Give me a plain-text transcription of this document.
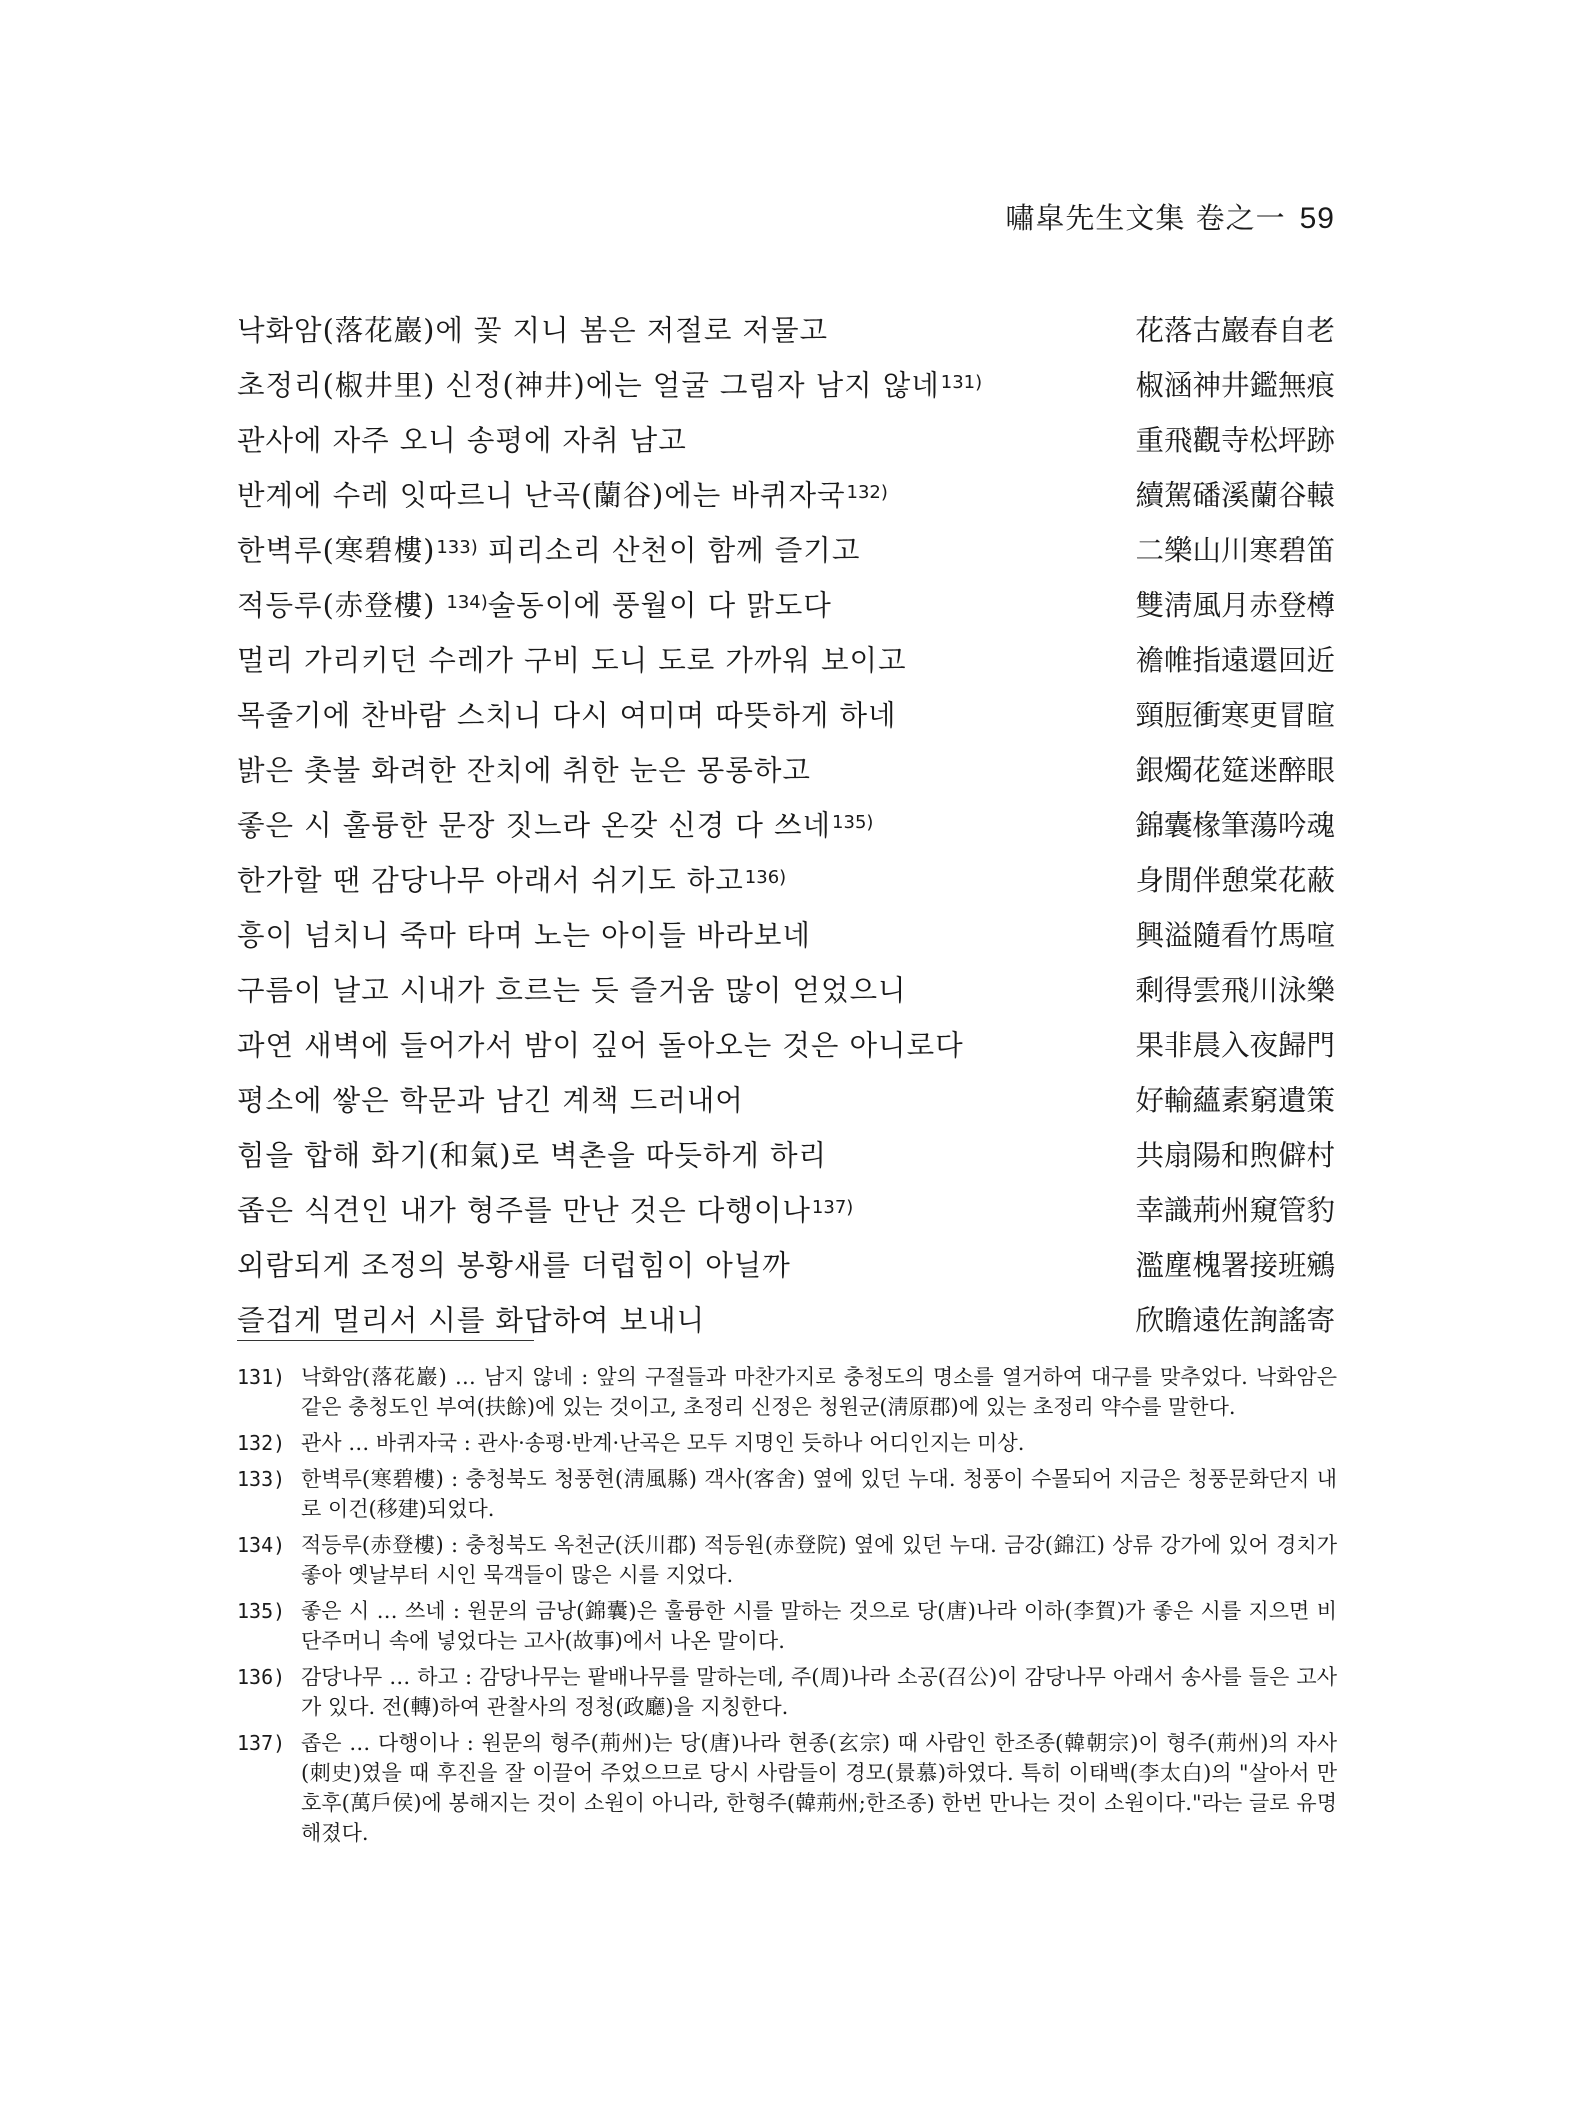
嘯皐先生文集 卷之一 59
낙화암(落花巖)에 꽃 지니 봄은 저절로 저물고	花落古巖春自老
초정리(椒井里) 신정(神井)에는 얼굴 그림자 남지 않네$^{131)}$	椒涵神井鑑無痕
관사에 자주 오니 송평에 자취 남고	重飛觀寺松坪跡
반계에 수레 잇따르니 난곡(蘭谷)에는 바퀴자국$^{132)}$	續駕磻溪蘭谷轅
한벽루(寒碧樓)$^{133)}$ 피리소리 산천이 함께 즐기고	二樂山川寒碧笛
적등루(赤登樓) $^{134)}$술동이에 풍월이 다 맑도다	雙淸風月赤登樽
멀리 가리키던 수레가 구비 도니 도로 가까워 보이고	襜帷指遠還回近
목줄기에 찬바람 스치니 다시 여미며 따뜻하게 하네	頸脰衝寒更冒暄
밝은 촛불 화려한 잔치에 취한 눈은 몽롱하고	銀燭花筵迷醉眼
좋은 시 훌륭한 문장 짓느라 온갖 신경 다 쓰네$^{135)}$	錦囊椽筆蕩吟魂
한가할 땐 감당나무 아래서 쉬기도 하고$^{136)}$	身閒伴憩棠花蔽
흥이 넘치니 죽마 타며 노는 아이들 바라보네	興溢隨看竹馬喧
구름이 날고 시내가 흐르는 듯 즐거움 많이 얻었으니	剩得雲飛川泳樂
과연 새벽에 들어가서 밤이 깊어 돌아오는 것은 아니로다	果非晨入夜歸門
평소에 쌓은 학문과 남긴 계책 드러내어	好輸蘊素窮遺策
힘을 합해 화기(和氣)로 벽촌을 따듯하게 하리	共扇陽和煦僻村
좁은 식견인 내가 형주를 만난 것은 다행이나$^{137)}$	幸識荊州窺管豹
외람되게 조정의 봉황새를 더럽힘이 아닐까	濫塵槐署接班鵷
즐겁게 멀리서 시를 화답하여 보내니	欣瞻遠佐詢謠寄
131) 낙화암(落花巖) … 남지 않네 : 앞의 구절들과 마찬가지로 충청도의 명소를 열거하여 대구를 맞추었다. 낙화암은 같은 충청도인 부여(扶餘)에 있는 것이고, 초정리 신정은 청원군(淸原郡)에 있는 초정리 약수를 말한다.
132) 관사 … 바퀴자국 : 관사·송평·반계·난곡은 모두 지명인 듯하나 어디인지는 미상.
133) 한벽루(寒碧樓) : 충청북도 청풍현(淸風縣) 객사(客舍) 옆에 있던 누대. 청풍이 수몰되어 지금은 청풍문화단지 내로 이건(移建)되었다.
134) 적등루(赤登樓) : 충청북도 옥천군(沃川郡) 적등원(赤登院) 옆에 있던 누대. 금강(錦江) 상류 강가에 있어 경치가 좋아 옛날부터 시인 묵객들이 많은 시를 지었다.
135) 좋은 시 … 쓰네 : 원문의 금낭(錦囊)은 훌륭한 시를 말하는 것으로 당(唐)나라 이하(李賀)가 좋은 시를 지으면 비단주머니 속에 넣었다는 고사(故事)에서 나온 말이다.
136) 감당나무 … 하고 : 감당나무는 팥배나무를 말하는데, 주(周)나라 소공(召公)이 감당나무 아래서 송사를 들은 고사가 있다. 전(轉)하여 관찰사의 정청(政廳)을 지칭한다.
137) 좁은 … 다행이나 : 원문의 형주(荊州)는 당(唐)나라 현종(玄宗) 때 사람인 한조종(韓朝宗)이 형주(荊州)의 자사(刺史)였을 때 후진을 잘 이끌어 주었으므로 당시 사람들이 경모(景慕)하였다. 특히 이태백(李太白)의 "살아서 만호후(萬戶侯)에 봉해지는 것이 소원이 아니라, 한형주(韓荊州;한조종) 한번 만나는 것이 소원이다."라는 글로 유명해졌다.
